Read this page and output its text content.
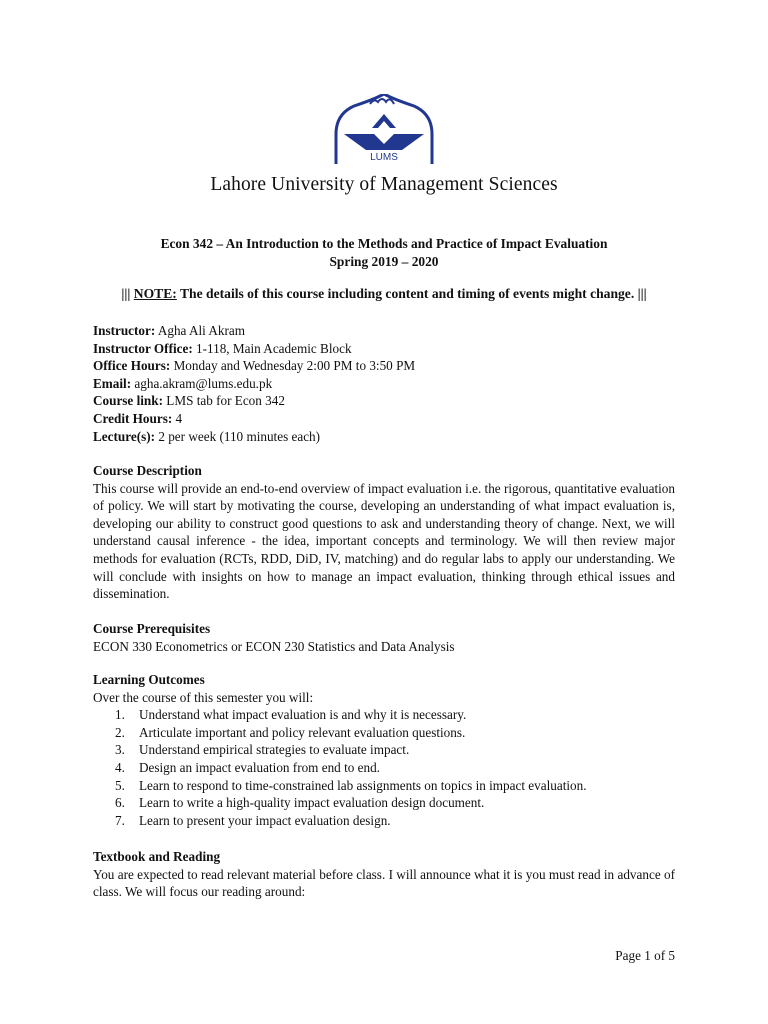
LUMS
Lahore University of Management Sciences
Econ 342 – An Introduction to the Methods and Practice of Impact Evaluation
Spring 2019 – 2020
||| NOTE: The details of this course including content and timing of events might change. |||
Instructor: Agha Ali Akram
Instructor Office: 1-118, Main Academic Block
Office Hours: Monday and Wednesday 2:00 PM to 3:50 PM
Email: agha.akram@lums.edu.pk
Course link: LMS tab for Econ 342
Credit Hours: 4
Lecture(s): 2 per week (110 minutes each)
Course Description

This course will provide an end-to-end overview of impact evaluation i.e. the rigorous, quantitative evaluation of policy. We will start by motivating the course, developing an understanding of what impact evaluation is, developing our ability to construct good questions to ask and understanding theory of change. Next, we will understand causal inference - the idea, important concepts and terminology. We will then review major methods for evaluation (RCTs, RDD, DiD, IV, matching) and do regular labs to apply our understanding. We will conclude with insights on how to manage an impact evaluation, thinking through ethical issues and dissemination.

Course Prerequisites

ECON 330 Econometrics or ECON 230 Statistics and Data Analysis

Learning Outcomes

Over the course of this semester you will:

1. Understand what impact evaluation is and why it is necessary.
2. Articulate important and policy relevant evaluation questions.
3. Understand empirical strategies to evaluate impact.
4. Design an impact evaluation from end to end.
5. Learn to respond to time-constrained lab assignments on topics in impact evaluation.
6. Learn to write a high-quality impact evaluation design document.
7. Learn to present your impact evaluation design.
Textbook and Reading

You are expected to read relevant material before class. I will announce what it is you must read in advance of class. We will focus our reading around:

Page 1 of 5
